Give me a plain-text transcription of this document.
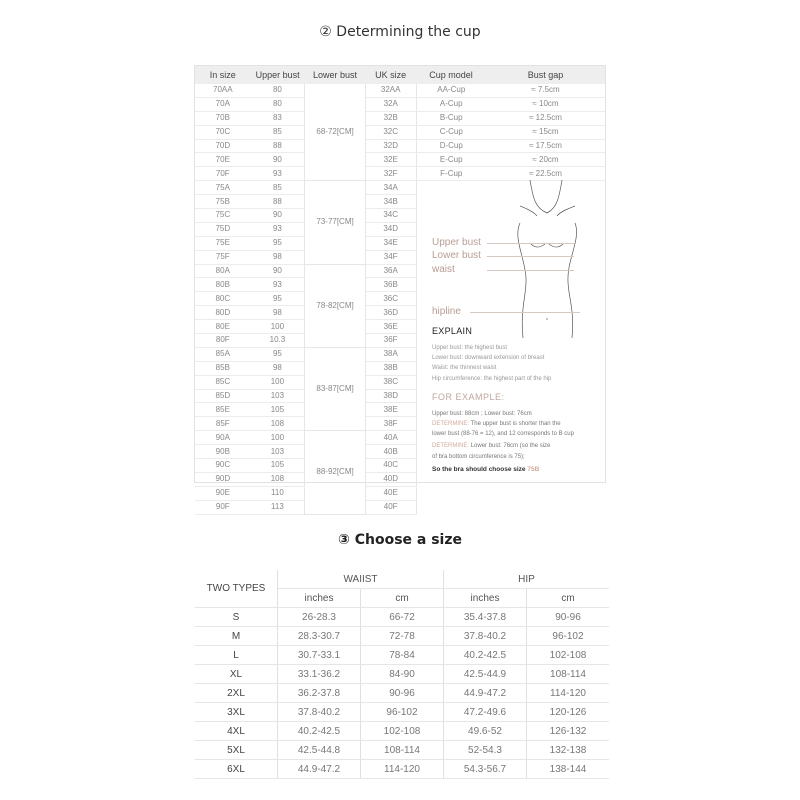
② Determining the cup
In size	Upper bust	Lower bust	UK size	Cup model	Bust gap
70AA	80	68-72[CM]	32AA	AA-Cup	≈ 7.5cm
70A	80		32A	A-Cup	≈ 10cm
70B	83		32B	B-Cup	≈ 12.5cm
70C	85		32C	C-Cup	≈ 15cm
70D	88		32D	D-Cup	≈ 17.5cm
70E	90		32E	E-Cup	≈ 20cm
70F	93		32F	F-Cup	≈ 22.5cm
75A	85	73-77[CM]	34A		
75B	88		34B		
75C	90		34C		
75D	93		34D		
75E	95		34E		
75F	98		34F		
80A	90	78-82[CM]	36A		
80B	93		36B		
80C	95		36C		
80D	98		36D		
80E	100		36E		
80F	10.3		36F		
85A	95	83-87[CM]	38A		
85B	98		38B		
85C	100		38C		
85D	103		38D		
85E	105		38E		
85F	108		38F		
90A	100	88-92[CM]	40A		
90B	103		40B		
90C	105		40C		
90D	108		40D		
90E	110		40E		
90F	113		40F		
Upper bust
Lower bust
waist
hipline
EXPLAIN
Upper bust: the highest bust
Lower bust: downward extension of breast
Waist: the thinnest waist
Hip circumference: the highest part of the hip
FOR EXAMPLE:
Upper bust: 88cm ; Lower bust: 76cm
DETERMINE: The upper bust is shorter than the
lower bust (88-76 = 12), and 12 corresponds to B cup
DETERMINE: Lower bust: 76cm (so the size
of bra bottom circumference is 75);
So the bra should choose size 75B
③ Choose a size
TWO TYPES	WAIIST		HIP	
	inches	cm	inches	cm
S	26-28.3	66-72	35.4-37.8	90-96
M	28.3-30.7	72-78	37.8-40.2	96-102
L	30.7-33.1	78-84	40.2-42.5	102-108
XL	33.1-36.2	84-90	42.5-44.9	108-114
2XL	36.2-37.8	90-96	44.9-47.2	114-120
3XL	37.8-40.2	96-102	47.2-49.6	120-126
4XL	40.2-42.5	102-108	49.6-52	126-132
5XL	42.5-44.8	108-114	52-54.3	132-138
6XL	44.9-47.2	114-120	54.3-56.7	138-144
